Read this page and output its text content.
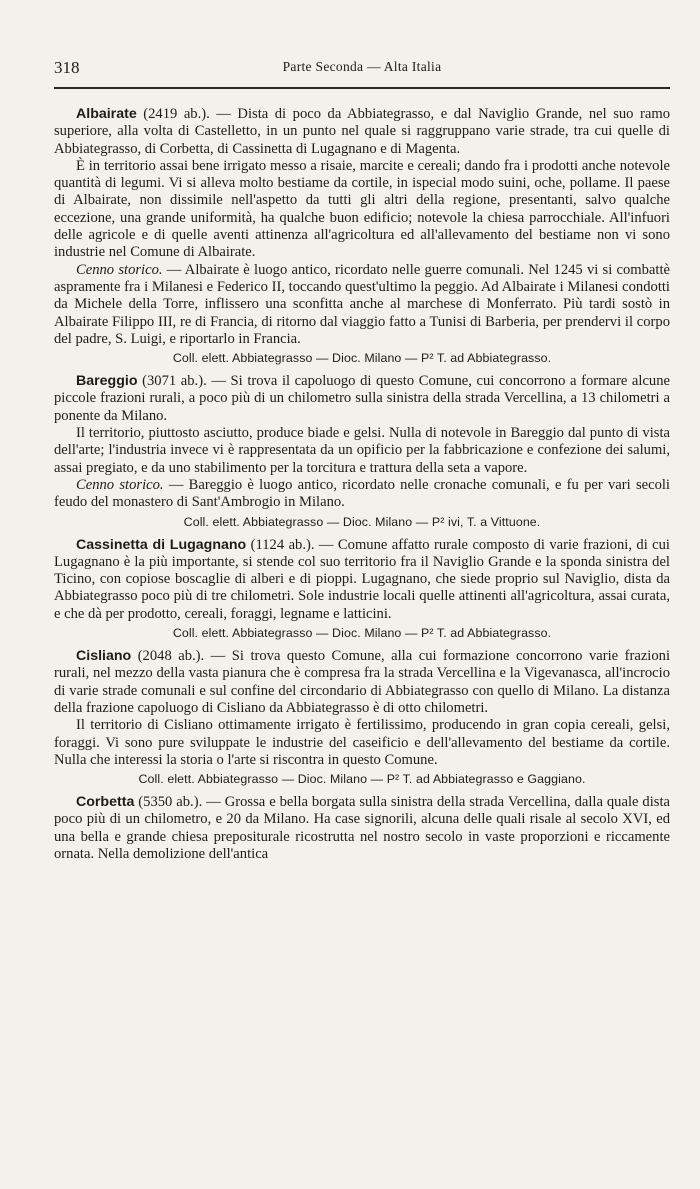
318	Parte Seconda — Alta Italia

Albairate (2419 ab.). — Dista di poco da Abbiategrasso, e dal Naviglio Grande, nel suo ramo superiore, alla volta di Castelletto, in un punto nel quale si raggruppano varie strade, tra cui quelle di Abbiategrasso, di Corbetta, di Cassinetta di Lugagnano e di Magenta.

È in territorio assai bene irrigato messo a risaie, marcite e cereali; dando fra i prodotti anche notevole quantità di legumi. Vi si alleva molto bestiame da cortile, in ispecial modo suini, oche, pollame. Il paese di Albairate, non dissimile nell'aspetto da tutti gli altri della regione, presentanti, salvo qualche eccezione, una grande uniformità, ha qualche buon edificio; notevole la chiesa parrocchiale. All'infuori delle agricole e di quelle aventi attinenza all'agricoltura ed all'allevamento del bestiame non vi sono industrie nel Comune di Albairate.

Cenno storico. — Albairate è luogo antico, ricordato nelle guerre comunali. Nel 1245 vi si combattè aspramente fra i Milanesi e Federico II, toccando quest'ultimo la peggio. Ad Albairate i Milanesi condotti da Michele della Torre, inflissero una sconfitta anche al marchese di Monferrato. Più tardi sostò in Albairate Filippo III, re di Francia, di ritorno dal viaggio fatto a Tunisi di Barberia, per prendervi il corpo del padre, S. Luigi, e riportarlo in Francia.

Coll. elett. Abbiategrasso — Dioc. Milano — P² T. ad Abbiategrasso.

Bareggio (3071 ab.). — Si trova il capoluogo di questo Comune, cui concorrono a formare alcune piccole frazioni rurali, a poco più di un chilometro sulla sinistra della strada Vercellina, a 13 chilometri a ponente da Milano.

Il territorio, piuttosto asciutto, produce biade e gelsi. Nulla di notevole in Bareggio dal punto di vista dell'arte; l'industria invece vi è rappresentata da un opificio per la fabbricazione e confezione dei salumi, assai pregiato, e da uno stabilimento per la torcitura e trattura della seta a vapore.

Cenno storico. — Bareggio è luogo antico, ricordato nelle cronache comunali, e fu per vari secoli feudo del monastero di Sant'Ambrogio in Milano.

Coll. elett. Abbiategrasso — Dioc. Milano — P² ivi, T. a Vittuone.

Cassinetta di Lugagnano (1124 ab.). — Comune affatto rurale composto di varie frazioni, di cui Lugagnano è la più importante, si stende col suo territorio fra il Naviglio Grande e la sponda sinistra del Ticino, con copiose boscaglie di alberi e di pioppi. Lugagnano, che siede proprio sul Naviglio, dista da Abbiategrasso poco più di tre chilometri. Sole industrie locali quelle attinenti all'agricoltura, assai curata, e che dà per prodotto, cereali, foraggi, legname e latticini.

Coll. elett. Abbiategrasso — Dioc. Milano — P² T. ad Abbiategrasso.

Cisliano (2048 ab.). — Si trova questo Comune, alla cui formazione concorrono varie frazioni rurali, nel mezzo della vasta pianura che è compresa fra la strada Vercellina e la Vigevanasca, all'incrocio di varie strade comunali e sul confine del circondario di Abbiategrasso con quello di Milano. La distanza della frazione capoluogo di Cisliano da Abbiategrasso è di otto chilometri.

Il territorio di Cisliano ottimamente irrigato è fertilissimo, producendo in gran copia cereali, gelsi, foraggi. Vi sono pure sviluppate le industrie del caseificio e dell'allevamento del bestiame da cortile. Nulla che interessi la storia o l'arte si riscontra in questo Comune.

Coll. elett. Abbiategrasso — Dioc. Milano — P² T. ad Abbiategrasso e Gaggiano.

Corbetta (5350 ab.). — Grossa e bella borgata sulla sinistra della strada Vercellina, dalla quale dista poco più di un chilometro, e 20 da Milano. Ha case signorili, alcuna delle quali risale al secolo XVI, ed una bella e grande chiesa prepositurale ricostrutta nel nostro secolo in vaste proporzioni e riccamente ornata. Nella demolizione dell'antica
